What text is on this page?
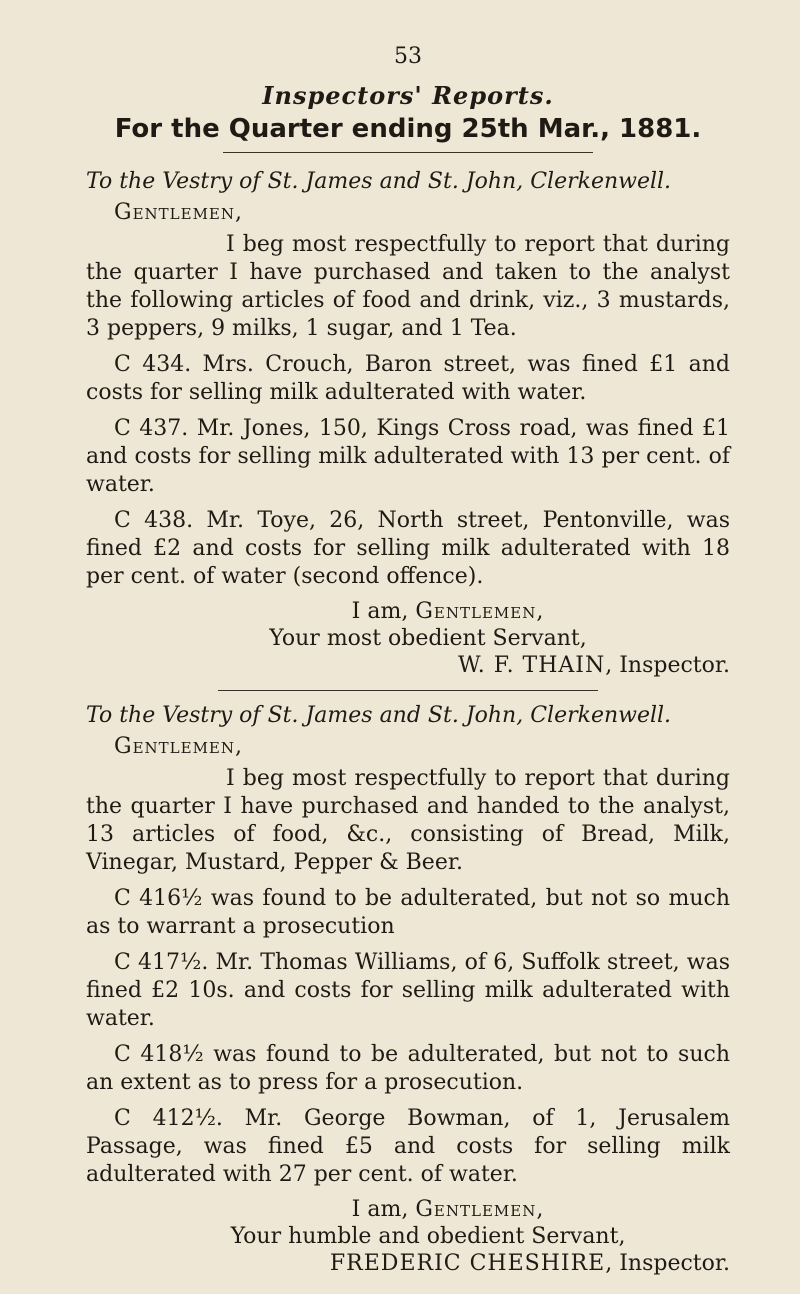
53
Inspectors' Reports.
For the Quarter ending 25th Mar., 1881.
To the Vestry of St. James and St. John, Clerkenwell.
Gentlemen,

I beg most respectfully to report that during the quarter I have purchased and taken to the analyst the following articles of food and drink, viz., 3 mustards, 3 peppers, 9 milks, 1 sugar, and 1 Tea.

C 434. Mrs. Crouch, Baron street, was fined £1 and costs for selling milk adulterated with water.

C 437. Mr. Jones, 150, Kings Cross road, was fined £1 and costs for selling milk adulterated with 13 per cent. of water.

C 438. Mr. Toye, 26, North street, Pentonville, was fined £2 and costs for selling milk adulterated with 18 per cent. of water (second offence).

I am, Gentlemen,
Your most obedient Servant,
W. F. THAIN, Inspector.
To the Vestry of St. James and St. John, Clerkenwell.
Gentlemen,

I beg most respectfully to report that during the quarter I have purchased and handed to the analyst, 13 articles of food, &c., consisting of Bread, Milk, Vinegar, Mustard, Pepper & Beer.

C 416½ was found to be adulterated, but not so much as to warrant a prosecution

C 417½. Mr. Thomas Williams, of 6, Suffolk street, was fined £2 10s. and costs for selling milk adulterated with water.

C 418½ was found to be adulterated, but not to such an extent as to press for a prosecution.

C 412½. Mr. George Bowman, of 1, Jerusalem Passage, was fined £5 and costs for selling milk adulterated with 27 per cent. of water.

I am, Gentlemen,
Your humble and obedient Servant,
FREDERIC CHESHIRE, Inspector.
